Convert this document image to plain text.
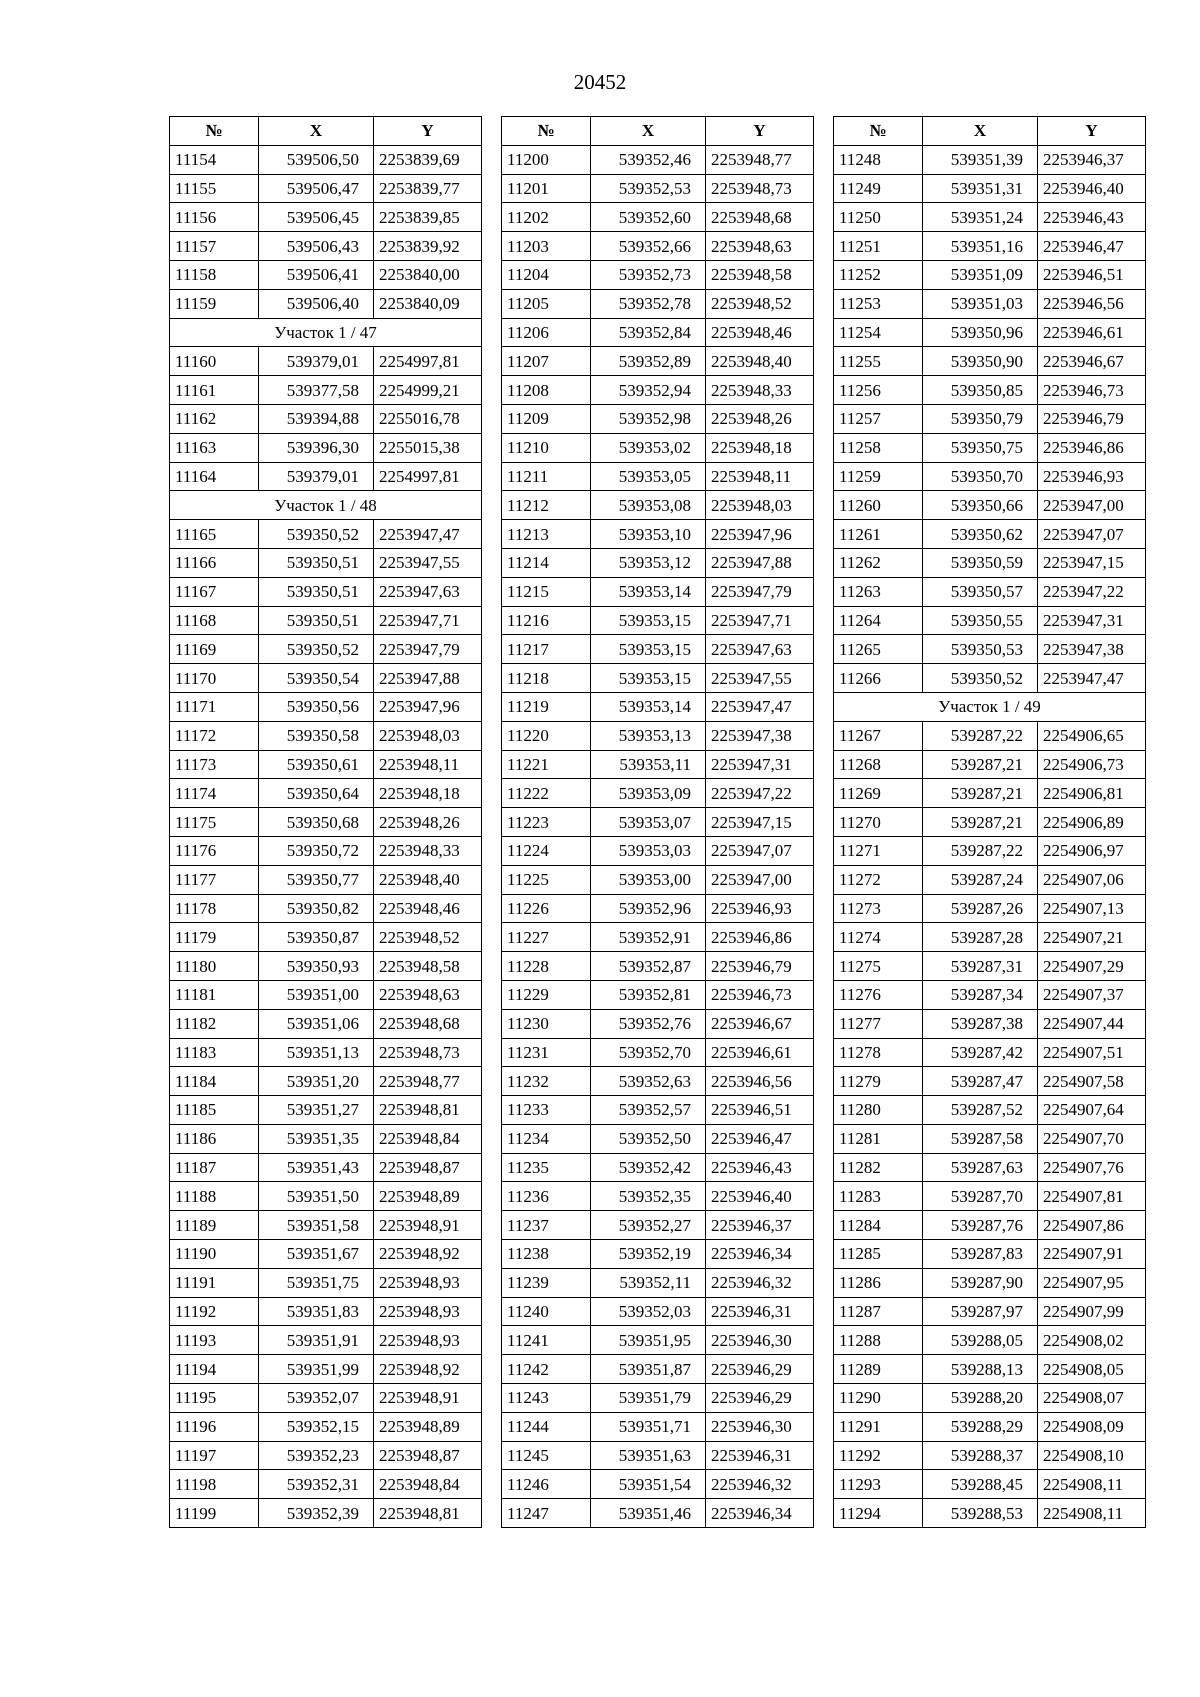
20452
№	X	Y
11154	539506,50	2253839,69
11155	539506,47	2253839,77
11156	539506,45	2253839,85
11157	539506,43	2253839,92
11158	539506,41	2253840,00
11159	539506,40	2253840,09
Участок 1 / 47		
11160	539379,01	2254997,81
11161	539377,58	2254999,21
11162	539394,88	2255016,78
11163	539396,30	2255015,38
11164	539379,01	2254997,81
Участок 1 / 48		
11165	539350,52	2253947,47
11166	539350,51	2253947,55
11167	539350,51	2253947,63
11168	539350,51	2253947,71
11169	539350,52	2253947,79
11170	539350,54	2253947,88
11171	539350,56	2253947,96
11172	539350,58	2253948,03
11173	539350,61	2253948,11
11174	539350,64	2253948,18
11175	539350,68	2253948,26
11176	539350,72	2253948,33
11177	539350,77	2253948,40
11178	539350,82	2253948,46
11179	539350,87	2253948,52
11180	539350,93	2253948,58
11181	539351,00	2253948,63
11182	539351,06	2253948,68
11183	539351,13	2253948,73
11184	539351,20	2253948,77
11185	539351,27	2253948,81
11186	539351,35	2253948,84
11187	539351,43	2253948,87
11188	539351,50	2253948,89
11189	539351,58	2253948,91
11190	539351,67	2253948,92
11191	539351,75	2253948,93
11192	539351,83	2253948,93
11193	539351,91	2253948,93
11194	539351,99	2253948,92
11195	539352,07	2253948,91
11196	539352,15	2253948,89
11197	539352,23	2253948,87
11198	539352,31	2253948,84
11199	539352,39	2253948,81
№	X	Y
11200	539352,46	2253948,77
11201	539352,53	2253948,73
11202	539352,60	2253948,68
11203	539352,66	2253948,63
11204	539352,73	2253948,58
11205	539352,78	2253948,52
11206	539352,84	2253948,46
11207	539352,89	2253948,40
11208	539352,94	2253948,33
11209	539352,98	2253948,26
11210	539353,02	2253948,18
11211	539353,05	2253948,11
11212	539353,08	2253948,03
11213	539353,10	2253947,96
11214	539353,12	2253947,88
11215	539353,14	2253947,79
11216	539353,15	2253947,71
11217	539353,15	2253947,63
11218	539353,15	2253947,55
11219	539353,14	2253947,47
11220	539353,13	2253947,38
11221	539353,11	2253947,31
11222	539353,09	2253947,22
11223	539353,07	2253947,15
11224	539353,03	2253947,07
11225	539353,00	2253947,00
11226	539352,96	2253946,93
11227	539352,91	2253946,86
11228	539352,87	2253946,79
11229	539352,81	2253946,73
11230	539352,76	2253946,67
11231	539352,70	2253946,61
11232	539352,63	2253946,56
11233	539352,57	2253946,51
11234	539352,50	2253946,47
11235	539352,42	2253946,43
11236	539352,35	2253946,40
11237	539352,27	2253946,37
11238	539352,19	2253946,34
11239	539352,11	2253946,32
11240	539352,03	2253946,31
11241	539351,95	2253946,30
11242	539351,87	2253946,29
11243	539351,79	2253946,29
11244	539351,71	2253946,30
11245	539351,63	2253946,31
11246	539351,54	2253946,32
11247	539351,46	2253946,34
№	X	Y
11248	539351,39	2253946,37
11249	539351,31	2253946,40
11250	539351,24	2253946,43
11251	539351,16	2253946,47
11252	539351,09	2253946,51
11253	539351,03	2253946,56
11254	539350,96	2253946,61
11255	539350,90	2253946,67
11256	539350,85	2253946,73
11257	539350,79	2253946,79
11258	539350,75	2253946,86
11259	539350,70	2253946,93
11260	539350,66	2253947,00
11261	539350,62	2253947,07
11262	539350,59	2253947,15
11263	539350,57	2253947,22
11264	539350,55	2253947,31
11265	539350,53	2253947,38
11266	539350,52	2253947,47
Участок 1 / 49		
11267	539287,22	2254906,65
11268	539287,21	2254906,73
11269	539287,21	2254906,81
11270	539287,21	2254906,89
11271	539287,22	2254906,97
11272	539287,24	2254907,06
11273	539287,26	2254907,13
11274	539287,28	2254907,21
11275	539287,31	2254907,29
11276	539287,34	2254907,37
11277	539287,38	2254907,44
11278	539287,42	2254907,51
11279	539287,47	2254907,58
11280	539287,52	2254907,64
11281	539287,58	2254907,70
11282	539287,63	2254907,76
11283	539287,70	2254907,81
11284	539287,76	2254907,86
11285	539287,83	2254907,91
11286	539287,90	2254907,95
11287	539287,97	2254907,99
11288	539288,05	2254908,02
11289	539288,13	2254908,05
11290	539288,20	2254908,07
11291	539288,29	2254908,09
11292	539288,37	2254908,10
11293	539288,45	2254908,11
11294	539288,53	2254908,11
